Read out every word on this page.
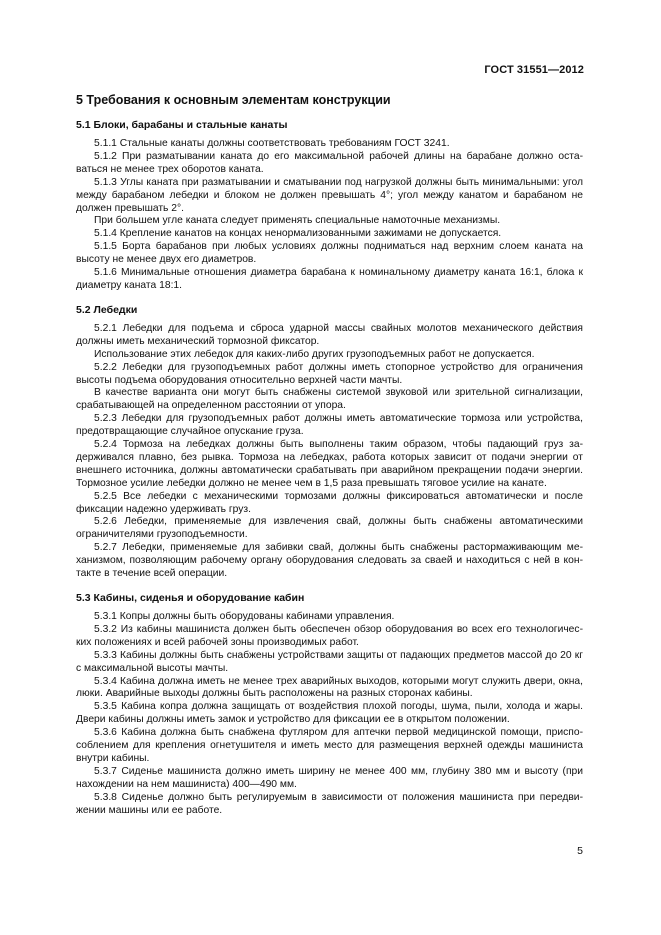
ГОСТ 31551—2012
5 Требования к основным элементам конструкции
5.1 Блоки, барабаны и стальные канаты

5.1.1 Стальные канаты должны соответствовать требованиям ГОСТ 3241.

5.1.2 При разматывании каната до его максимальной рабочей длины на барабане должно оставаться не менее трех оборотов каната.

5.1.3 Углы каната при разматывании и сматывании под нагрузкой должны быть минимальными: угол между барабаном лебедки и блоком не должен превышать 4°; угол между канатом и барабаном не должен превышать 2°.

При большем угле каната следует применять специальные намоточные механизмы.

5.1.4 Крепление канатов на концах ненормализованными зажимами не допускается.

5.1.5 Борта барабанов при любых условиях должны подниматься над верхним слоем каната на высоту не менее двух его диаметров.

5.1.6 Минимальные отношения диаметра барабана к номинальному диаметру каната 16:1, блока к диаметру каната 18:1.

5.2 Лебедки

5.2.1 Лебедки для подъема и сброса ударной массы свайных молотов механического действия должны иметь механический тормозной фиксатор.

Использование этих лебедок для каких-либо других грузоподъемных работ не допускается.

5.2.2 Лебедки для грузоподъемных работ должны иметь стопорное устройство для ограничения высоты подъема оборудования относительно верхней части мачты.

В качестве варианта они могут быть снабжены системой звуковой или зрительной сигнализации, срабатывающей на определенном расстоянии от упора.

5.2.3 Лебедки для грузоподъемных работ должны иметь автоматические тормоза или устройства, предотвращающие случайное опускание груза.

5.2.4 Тормоза на лебедках должны быть выполнены таким образом, чтобы падающий груз задерживался плавно, без рывка. Тормоза на лебедках, работа которых зависит от подачи энергии от внешнего источника, должны автоматически срабатывать при аварийном прекращении подачи энергии. Тормозное усилие лебедки должно не менее чем в 1,5 раза превышать тяговое усилие на канате.

5.2.5 Все лебедки с механическими тормозами должны фиксироваться автоматически и после фиксации надежно удерживать груз.

5.2.6 Лебедки, применяемые для извлечения свай, должны быть снабжены автоматическими ограничителями грузоподъемности.

5.2.7 Лебедки, применяемые для забивки свай, должны быть снабжены растормаживающим механизмом, позволяющим рабочему органу оборудования следовать за сваей и находиться с ней в контакте в течение всей операции.

5.3 Кабины, сиденья и оборудование кабин

5.3.1 Копры должны быть оборудованы кабинами управления.

5.3.2 Из кабины машиниста должен быть обеспечен обзор оборудования во всех его технологических положениях и всей рабочей зоны производимых работ.

5.3.3 Кабины должны быть снабжены устройствами защиты от падающих предметов массой до 20 кг с максимальной высоты мачты.

5.3.4 Кабина должна иметь не менее трех аварийных выходов, которыми могут служить двери, окна, люки. Аварийные выходы должны быть расположены на разных сторонах кабины.

5.3.5 Кабина копра должна защищать от воздействия плохой погоды, шума, пыли, холода и жары. Двери кабины должны иметь замок и устройство для фиксации ее в открытом положении.

5.3.6 Кабина должна быть снабжена футляром для аптечки первой медицинской помощи, приспособлением для крепления огнетушителя и иметь место для размещения верхней одежды машиниста внутри кабины.

5.3.7 Сиденье машиниста должно иметь ширину не менее 400 мм, глубину 380 мм и высоту (при нахождении на нем машиниста) 400—490 мм.

5.3.8 Сиденье должно быть регулируемым в зависимости от положения машиниста при передвижении машины или ее работе.

5
